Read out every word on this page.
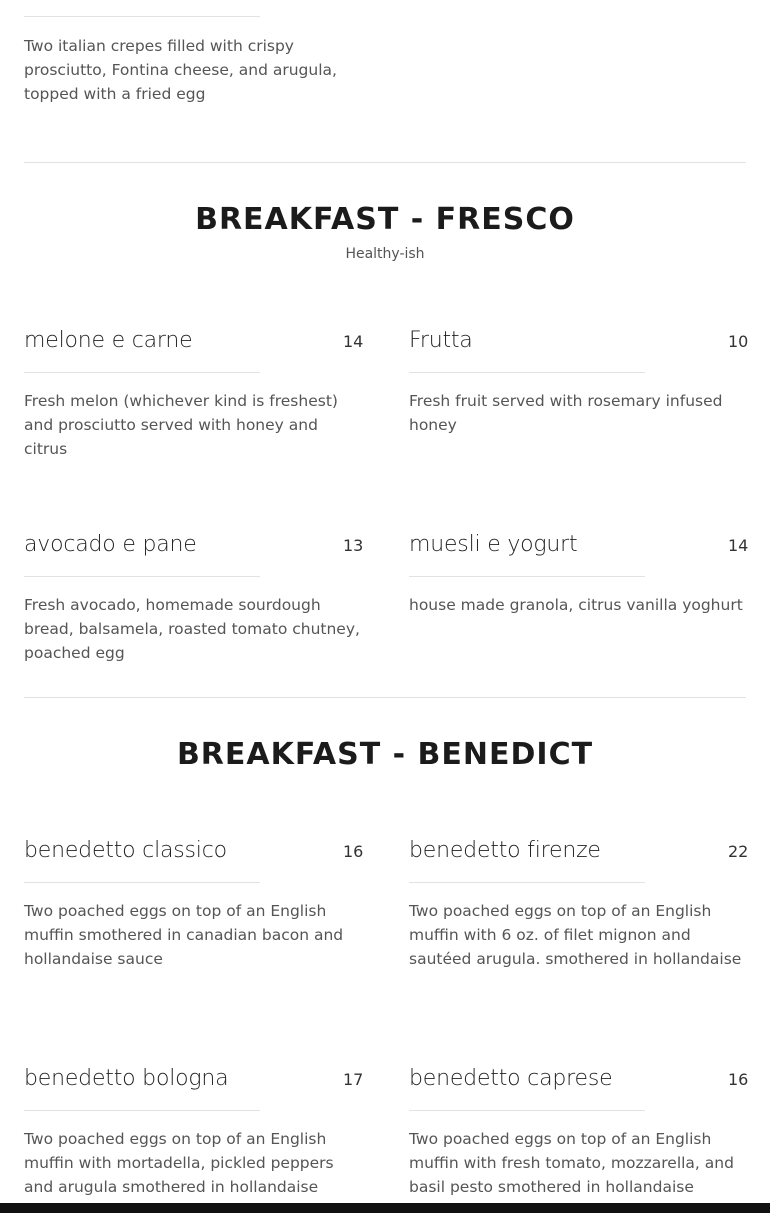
Two italian crepes filled with crispy prosciutto, Fontina cheese, and arugula, topped with a fried egg
BREAKFAST - FRESCO
Healthy-ish
melone e carne	14
Fresh melon (whichever kind is freshest) and prosciutto served with honey and citrus
Frutta	10
Fresh fruit served with rosemary infused honey
avocado e pane	13
Fresh avocado, homemade sourdough bread, balsamela, roasted tomato chutney, poached egg
muesli e yogurt	14
house made granola, citrus vanilla yoghurt
BREAKFAST - BENEDICT
benedetto classico	16
Two poached eggs on top of an English muffin smothered in canadian bacon and hollandaise sauce
benedetto firenze	22
Two poached eggs on top of an English muffin with 6 oz. of filet mignon and sautéed arugula. smothered in hollandaise
benedetto bologna	17
Two poached eggs on top of an English muffin with mortadella, pickled peppers and arugula smothered in hollandaise
benedetto caprese	16
Two poached eggs on top of an English muffin with fresh tomato, mozzarella, and basil pesto smothered in hollandaise
